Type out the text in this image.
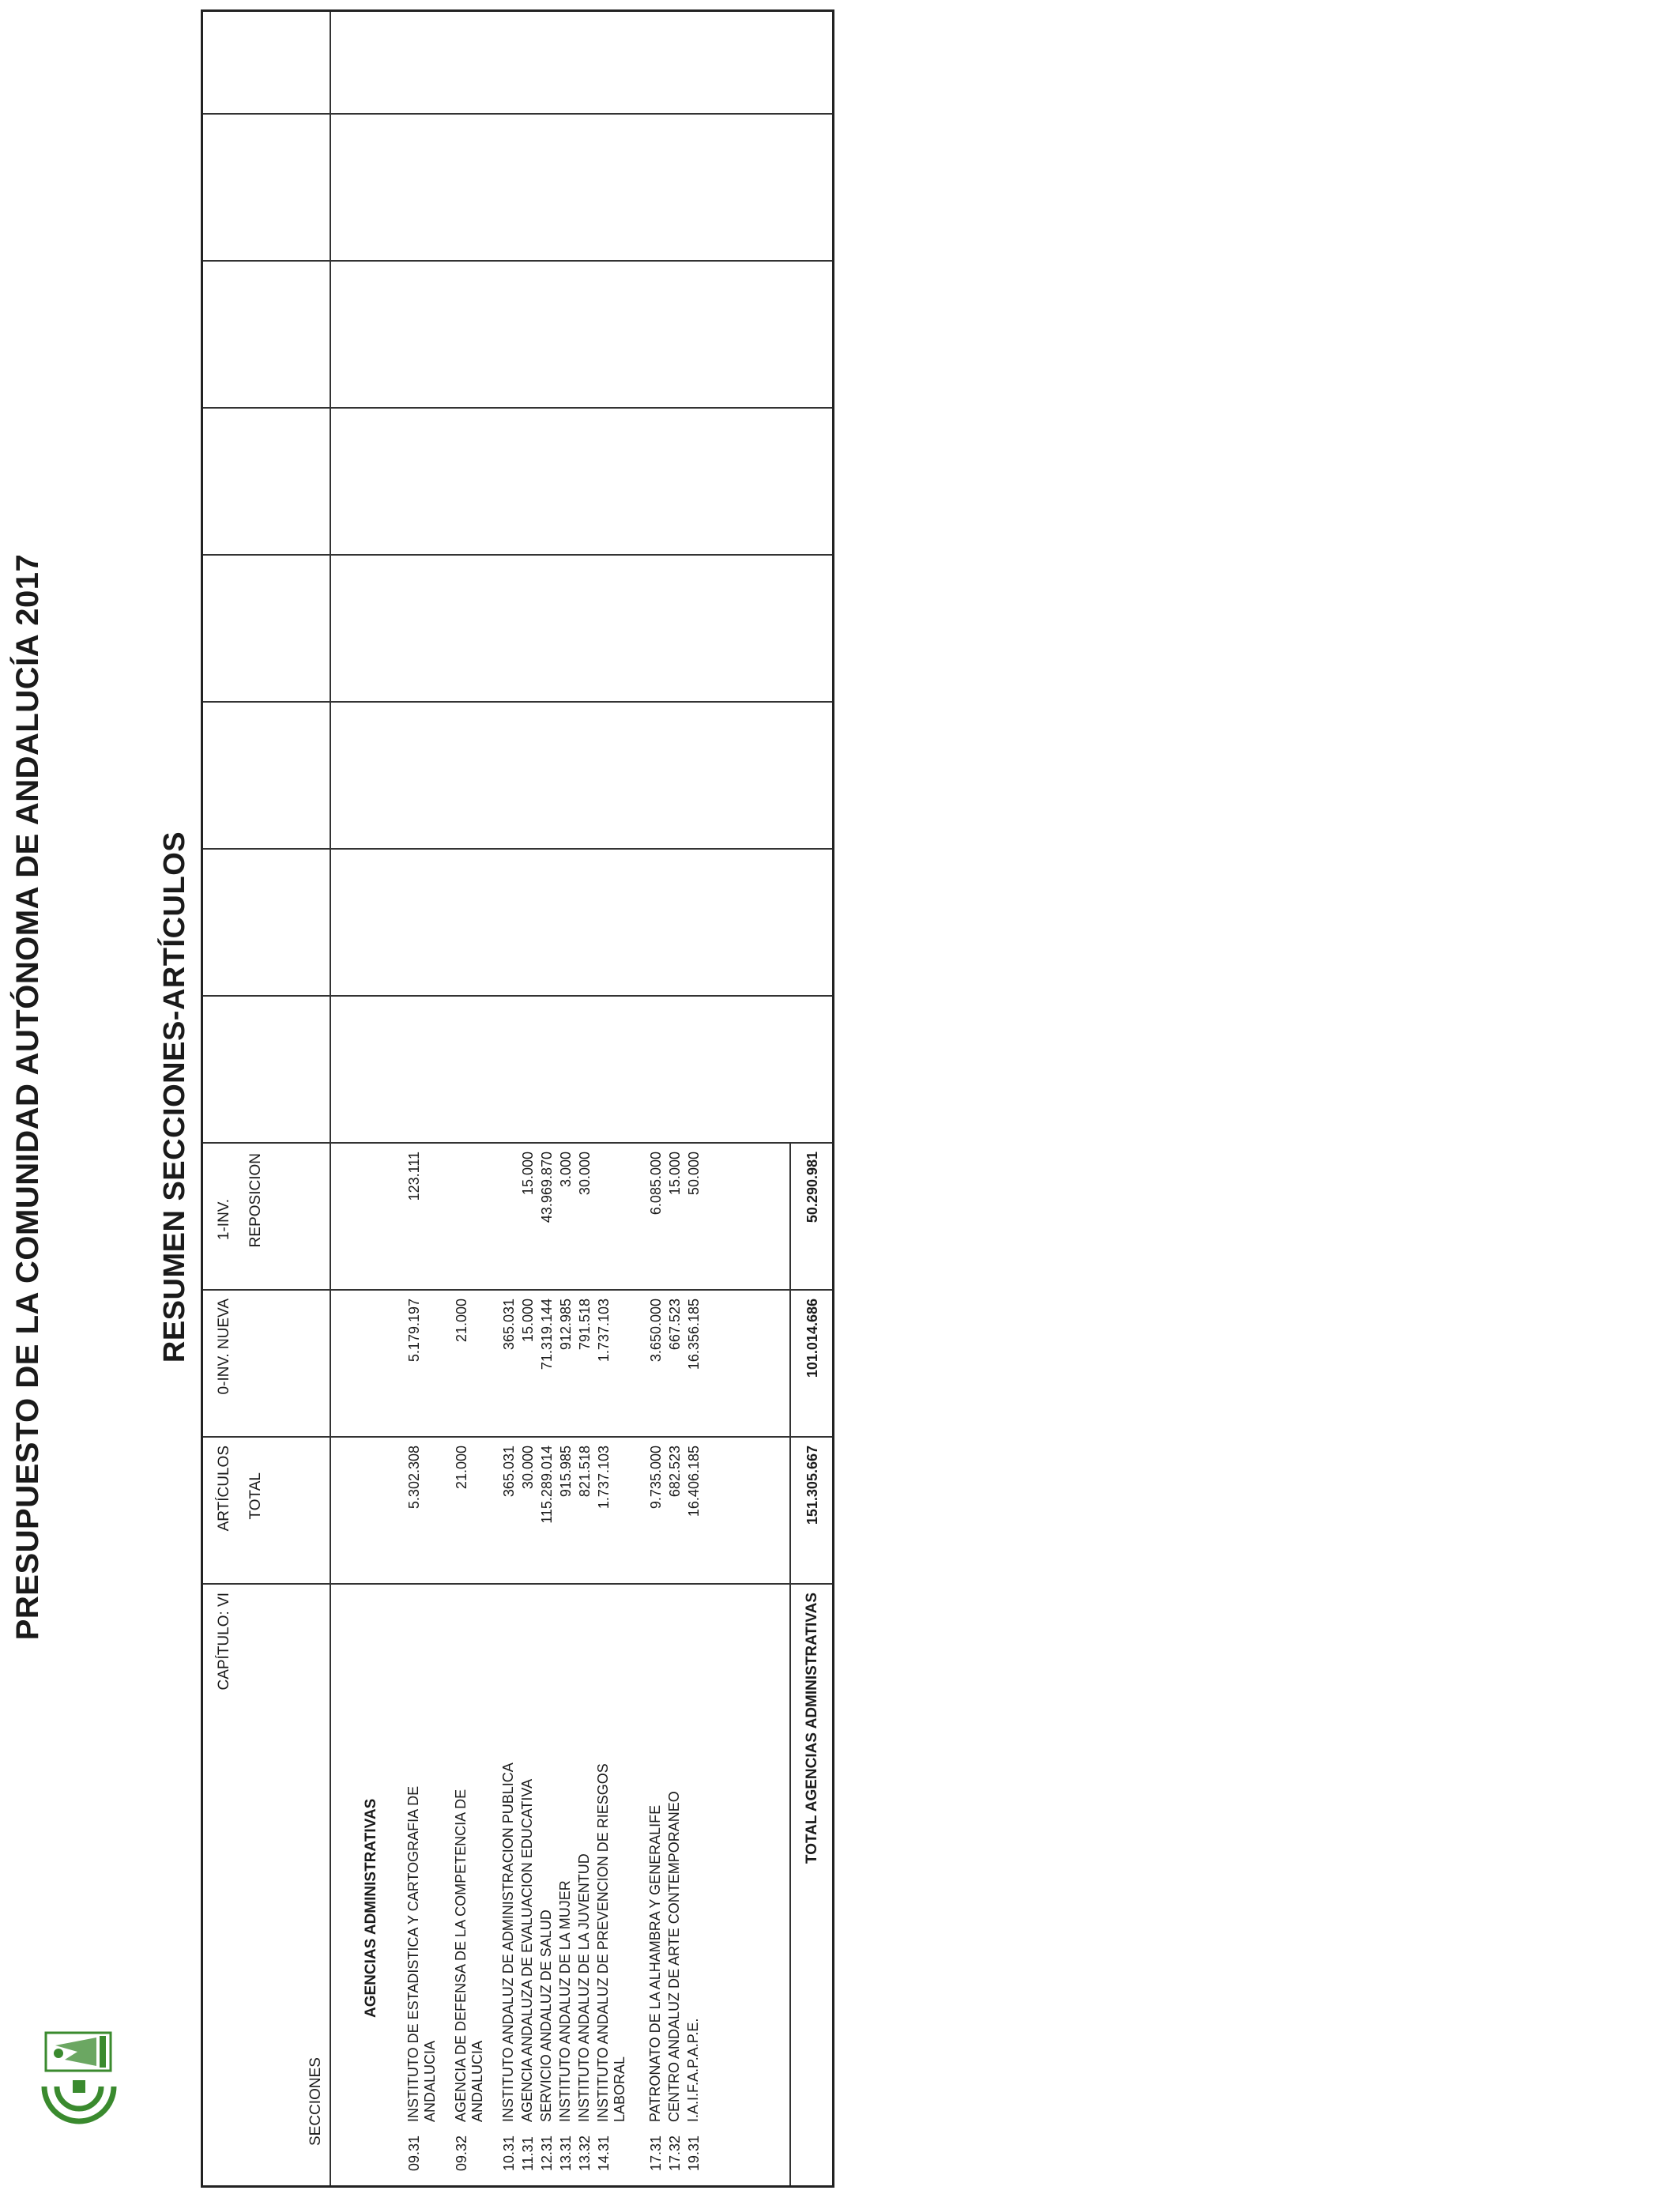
PRESUPUESTO DE LA COMUNIDAD AUTÓNOMA DE ANDALUCÍA 2017	RESUMEN SECCIONES-ARTÍCULOS
SECCIONES
CAPÍTULO: VI
ARTÍCULOS TOTAL
0-INV. NUEVA
1-INV. REPOSICION
AGENCIAS ADMINISTRATIVAS
09.31
INSTITUTO DE ESTADISTICA Y CARTOGRAFIA DE ANDALUCIA
5.302.308
5.179.197
123.111
09.32
AGENCIA DE DEFENSA DE LA COMPETENCIA DE ANDALUCIA
21.000
21.000
10.31
INSTITUTO ANDALUZ DE ADMINISTRACION PUBLICA
365.031
365.031
11.31
AGENCIA ANDALUZA DE EVALUACION EDUCATIVA
30.000
15.000
15.000
12.31
SERVICIO ANDALUZ DE SALUD
115.289.014
71.319.144
43.969.870
13.31
INSTITUTO ANDALUZ DE LA MUJER
915.985
912.985
3.000
13.32
INSTITUTO ANDALUZ DE LA JUVENTUD
821.518
791.518
30.000
14.31
INSTITUTO ANDALUZ DE PREVENCION DE RIESGOS LABORAL
1.737.103
1.737.103
17.31
PATRONATO DE LA ALHAMBRA Y GENERALIFE
9.735.000
3.650.000
6.085.000
17.32
CENTRO ANDALUZ DE ARTE CONTEMPORANEO
682.523
667.523
15.000
19.31
I.A.I.F.A.P.A.P.E.
16.406.185
16.356.185
50.000
TOTAL AGENCIAS ADMINISTRATIVAS
151.305.667
101.014.686
50.290.981
